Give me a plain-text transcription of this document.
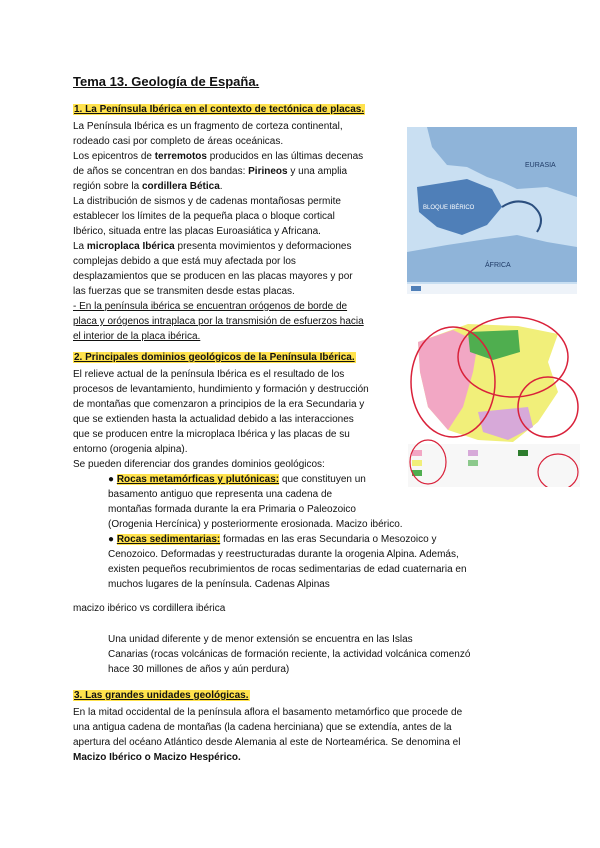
Tema 13. Geología de España.
1. La Península Ibérica en el contexto de tectónica de placas.
La Península Ibérica es un fragmento de corteza continental,
rodeado casi por completo de áreas oceánicas.
Los epicentros de terremotos producidos en las últimas decenas
de años se concentran en dos bandas: Pirineos y una amplia
región sobre la cordillera Bética.
La distribución de sismos y de cadenas montañosas permite
establecer los límites de la pequeña placa o bloque cortical
Ibérico, situada entre las placas Euroasiática y Africana.
La microplaca Ibérica presenta movimientos y deformaciones
complejas debido a que está muy afectada por los
desplazamientos que se producen en las placas mayores y por
las fuerzas que se transmiten desde estas placas.
- En la península ibérica se encuentran orógenos de borde de
placa y orógenos intraplaca por la transmisión de esfuerzos hacia
el interior de la placa ibérica.
EURASIA
BLOQUE IBÉRICO
ÁFRICA
2. Principales dominios geológicos de la Península Ibérica.
El relieve actual de la península Ibérica es el resultado de los
procesos de levantamiento, hundimiento y formación y destrucción
de montañas que comenzaron a principios de la era Secundaria y
que se extienden hasta la actualidad debido a las interacciones
que se producen entre la microplaca Ibérica y las placas de su
entorno (orogenia alpina).
Se pueden diferenciar dos grandes dominios geológicos:
● Rocas metamórficas y plutónicas: que constituyen un
basamento antiguo que representa una cadena de
montañas formada durante la era Primaria o Paleozoico
(Orogenia Hercínica) y posteriormente erosionada. Macizo ibérico.
● Rocas sedimentarias: formadas en las eras Secundaria o Mesozoico y
Cenozoico. Deformadas y reestructuradas durante la orogenia Alpina. Además,
existen pequeños recubrimientos de rocas sedimentarias de edad cuaternaria en
muchos lugares de la península. Cadenas Alpinas
macizo ibérico vs cordillera ibérica
Una unidad diferente y de menor extensión se encuentra en las Islas
Canarias (rocas volcánicas de formación reciente, la actividad volcánica comenzó
hace 30 millones de años y aún perdura)
3. Las grandes unidades geológicas.
En la mitad occidental de la península aflora el basamento metamórfico que procede de
una antigua cadena de montañas (la cadena herciniana) que se extendía, antes de la
apertura del océano Atlántico desde Alemania al este de Norteamérica. Se denomina el
Macizo Ibérico o Macizo Hespérico.
